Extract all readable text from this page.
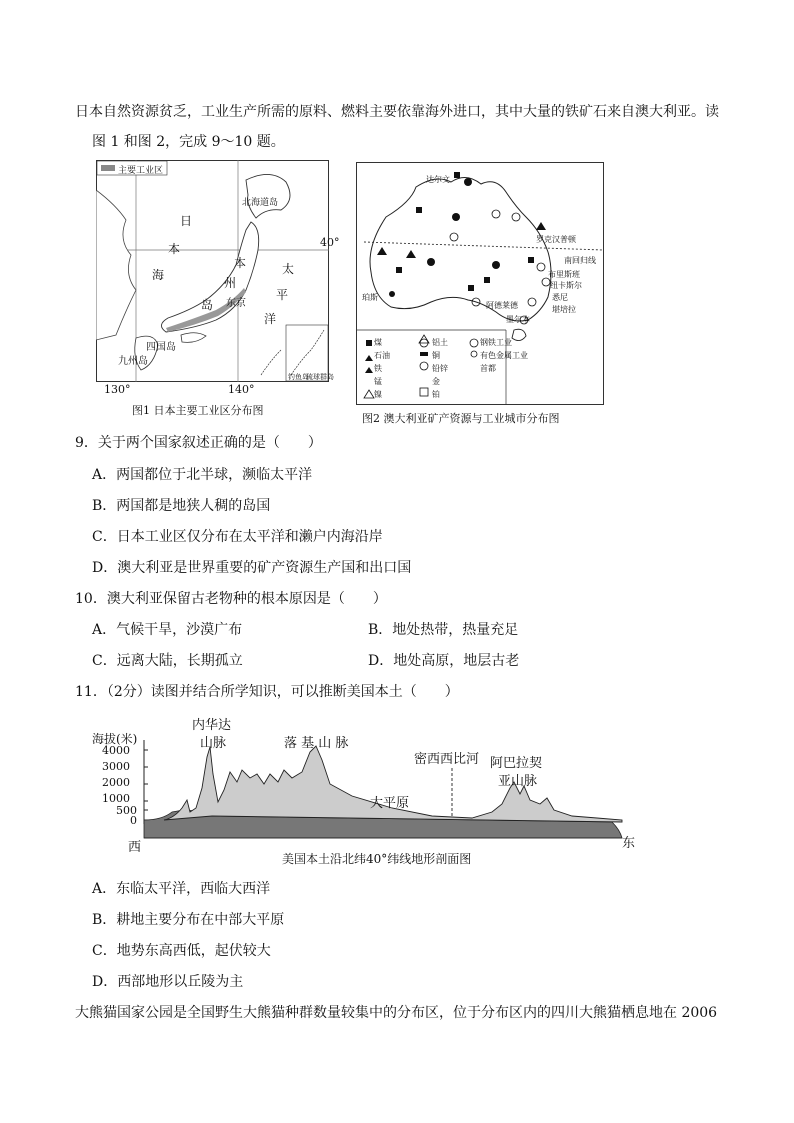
日本自然资源贫乏，工业生产所需的原料、燃料主要依靠海外进口，其中大量的铁矿石来自澳大利亚。读
图 1 和图 2，完成 9～10 题。
主要工业区
北海道岛
日
本
海	太
平
洋
本
州
岛 东京
四国岛
九州岛
钓鱼岛
琉球群岛
40°
130°	140°
图1 日本主要工业区分布图
达尔文
罗克汉普顿
南回归线
布里斯班
纽卡斯尔
悉尼
堪培拉
珀斯
阿德莱德
墨尔本
煤	铝土	钢铁工业
石油	铜	有色金属工业
铁	铅锌	首都
锰	金
镍	铂
图2 澳大利亚矿产资源与工业城市分布图
9．关于两个国家叙述正确的是（　　）
A．两国都位于北半球，濒临太平洋
B．两国都是地狭人稠的岛国
C．日本工业区仅分布在太平洋和濑户内海沿岸
D．澳大利亚是世界重要的矿产资源生产国和出口国
10．澳大利亚保留古老物种的根本原因是（　　）
A．气候干旱，沙漠广布	B．地处热带，热量充足
C．远离大陆，长期孤立	D．地处高原，地层古老
11．（2分）读图并结合所学知识，可以推断美国本土（　　）
海拔(米)
4000
3000
2000
1000
500
0
内华达
山脉	落 基 山 脉
密西西比河 阿巴拉契
亚山脉
大平原
西	东
美国本土沿北纬40°纬线地形剖面图
A．东临太平洋，西临大西洋
B．耕地主要分布在中部大平原
C．地势东高西低，起伏较大
D．西部地形以丘陵为主
大熊猫国家公园是全国野生大熊猫种群数量较集中的分布区，位于分布区内的四川大熊猫栖息地在 2006
